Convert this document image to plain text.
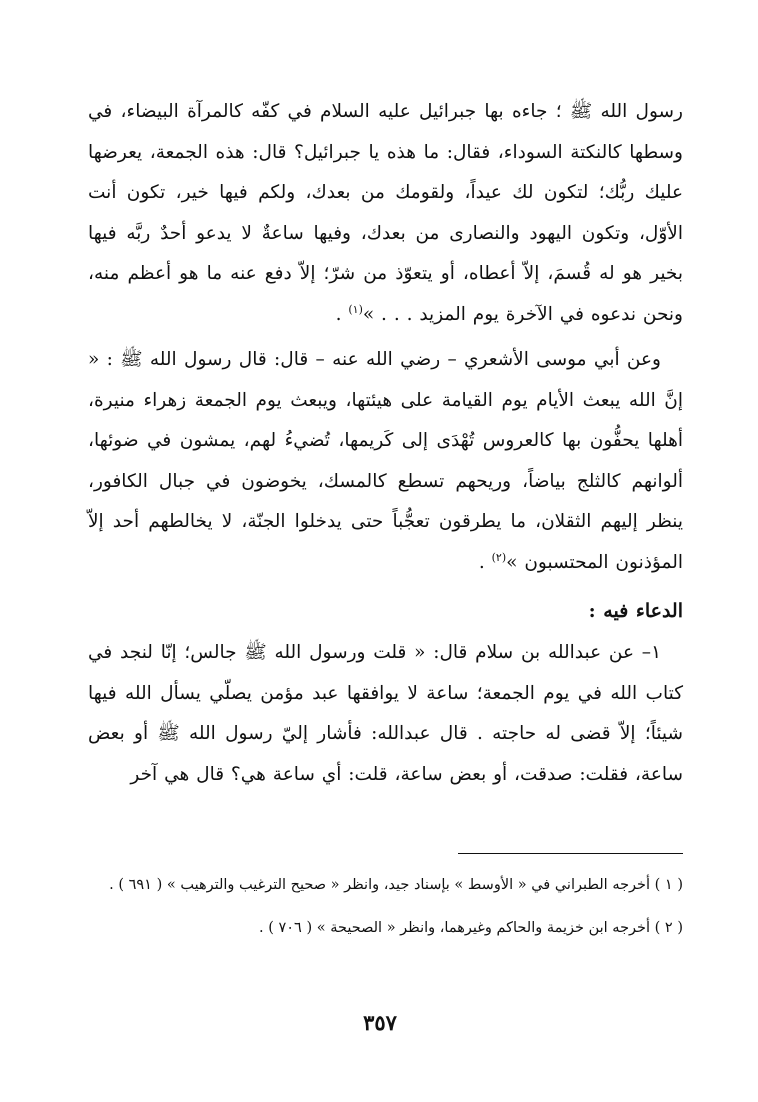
رسول الله ﷺ ؛ جاءه بها جبرائيل عليه السلام في كفّه كالمرآة البيضاء، في وسطها كالنكتة السوداء، فقال: ما هذه يا جبرائيل؟ قال: هذه الجمعة، يعرضها عليك ربُّك؛ لتكون لك عيداً، ولقومك من بعدك، ولكم فيها خير، تكون أنت الأوّل، وتكون اليهود والنصارى من بعدك، وفيها ساعةٌ لا يدعو أحدٌ ربَّه فيها بخير هو له قُسمَ، إلاّ أعطاه، أو يتعوّذ من شرّ؛ إلاّ دفع عنه ما هو أعظم منه، ونحن ندعوه في الآخرة يوم المزيد . . . »$^{(١)}$ .

وعن أبي موسى الأشعري – رضي الله عنه – قال: قال رسول الله ﷺ : « إنَّ الله يبعث الأيام يوم القيامة على هيئتها، ويبعث يوم الجمعة زهراء منيرة، أهلها يحفُّون بها كالعروس تُهْدَى إلى كَريمها، تُضيءُ لهم، يمشون في ضوئها، ألوانهم كالثلج بياضاً، وريحهم تسطع كالمسك، يخوضون في جبال الكافور، ينظر إليهم الثقلان، ما يطرقون تعجُّباً حتى يدخلوا الجنّة، لا يخالطهم أحد إلاّ المؤذنون المحتسبون »$^{(٢)}$ .

الدعاء فيه :

١– عن عبدالله بن سلام قال: « قلت ورسول الله ﷺ جالس؛ إنّا لنجد في كتاب الله في يوم الجمعة؛ ساعة لا يوافقها عبد مؤمن يصلّي يسأل الله فيها شيئاً؛ إلاّ قضى له حاجته . قال عبدالله: فأشار إليّ رسول الله ﷺ أو بعض ساعة، فقلت: صدقت، أو بعض ساعة، قلت: أي ساعة هي؟ قال هي آخر

( ١ ) أخرجه الطبراني في « الأوسط » بإسناد جيد، وانظر « صحيح الترغيب والترهيب » ( ٦٩١ ) .

( ٢ ) أخرجه ابن خزيمة والحاكم وغيرهما، وانظر « الصحيحة » ( ٧٠٦ ) .

٣٥٧
